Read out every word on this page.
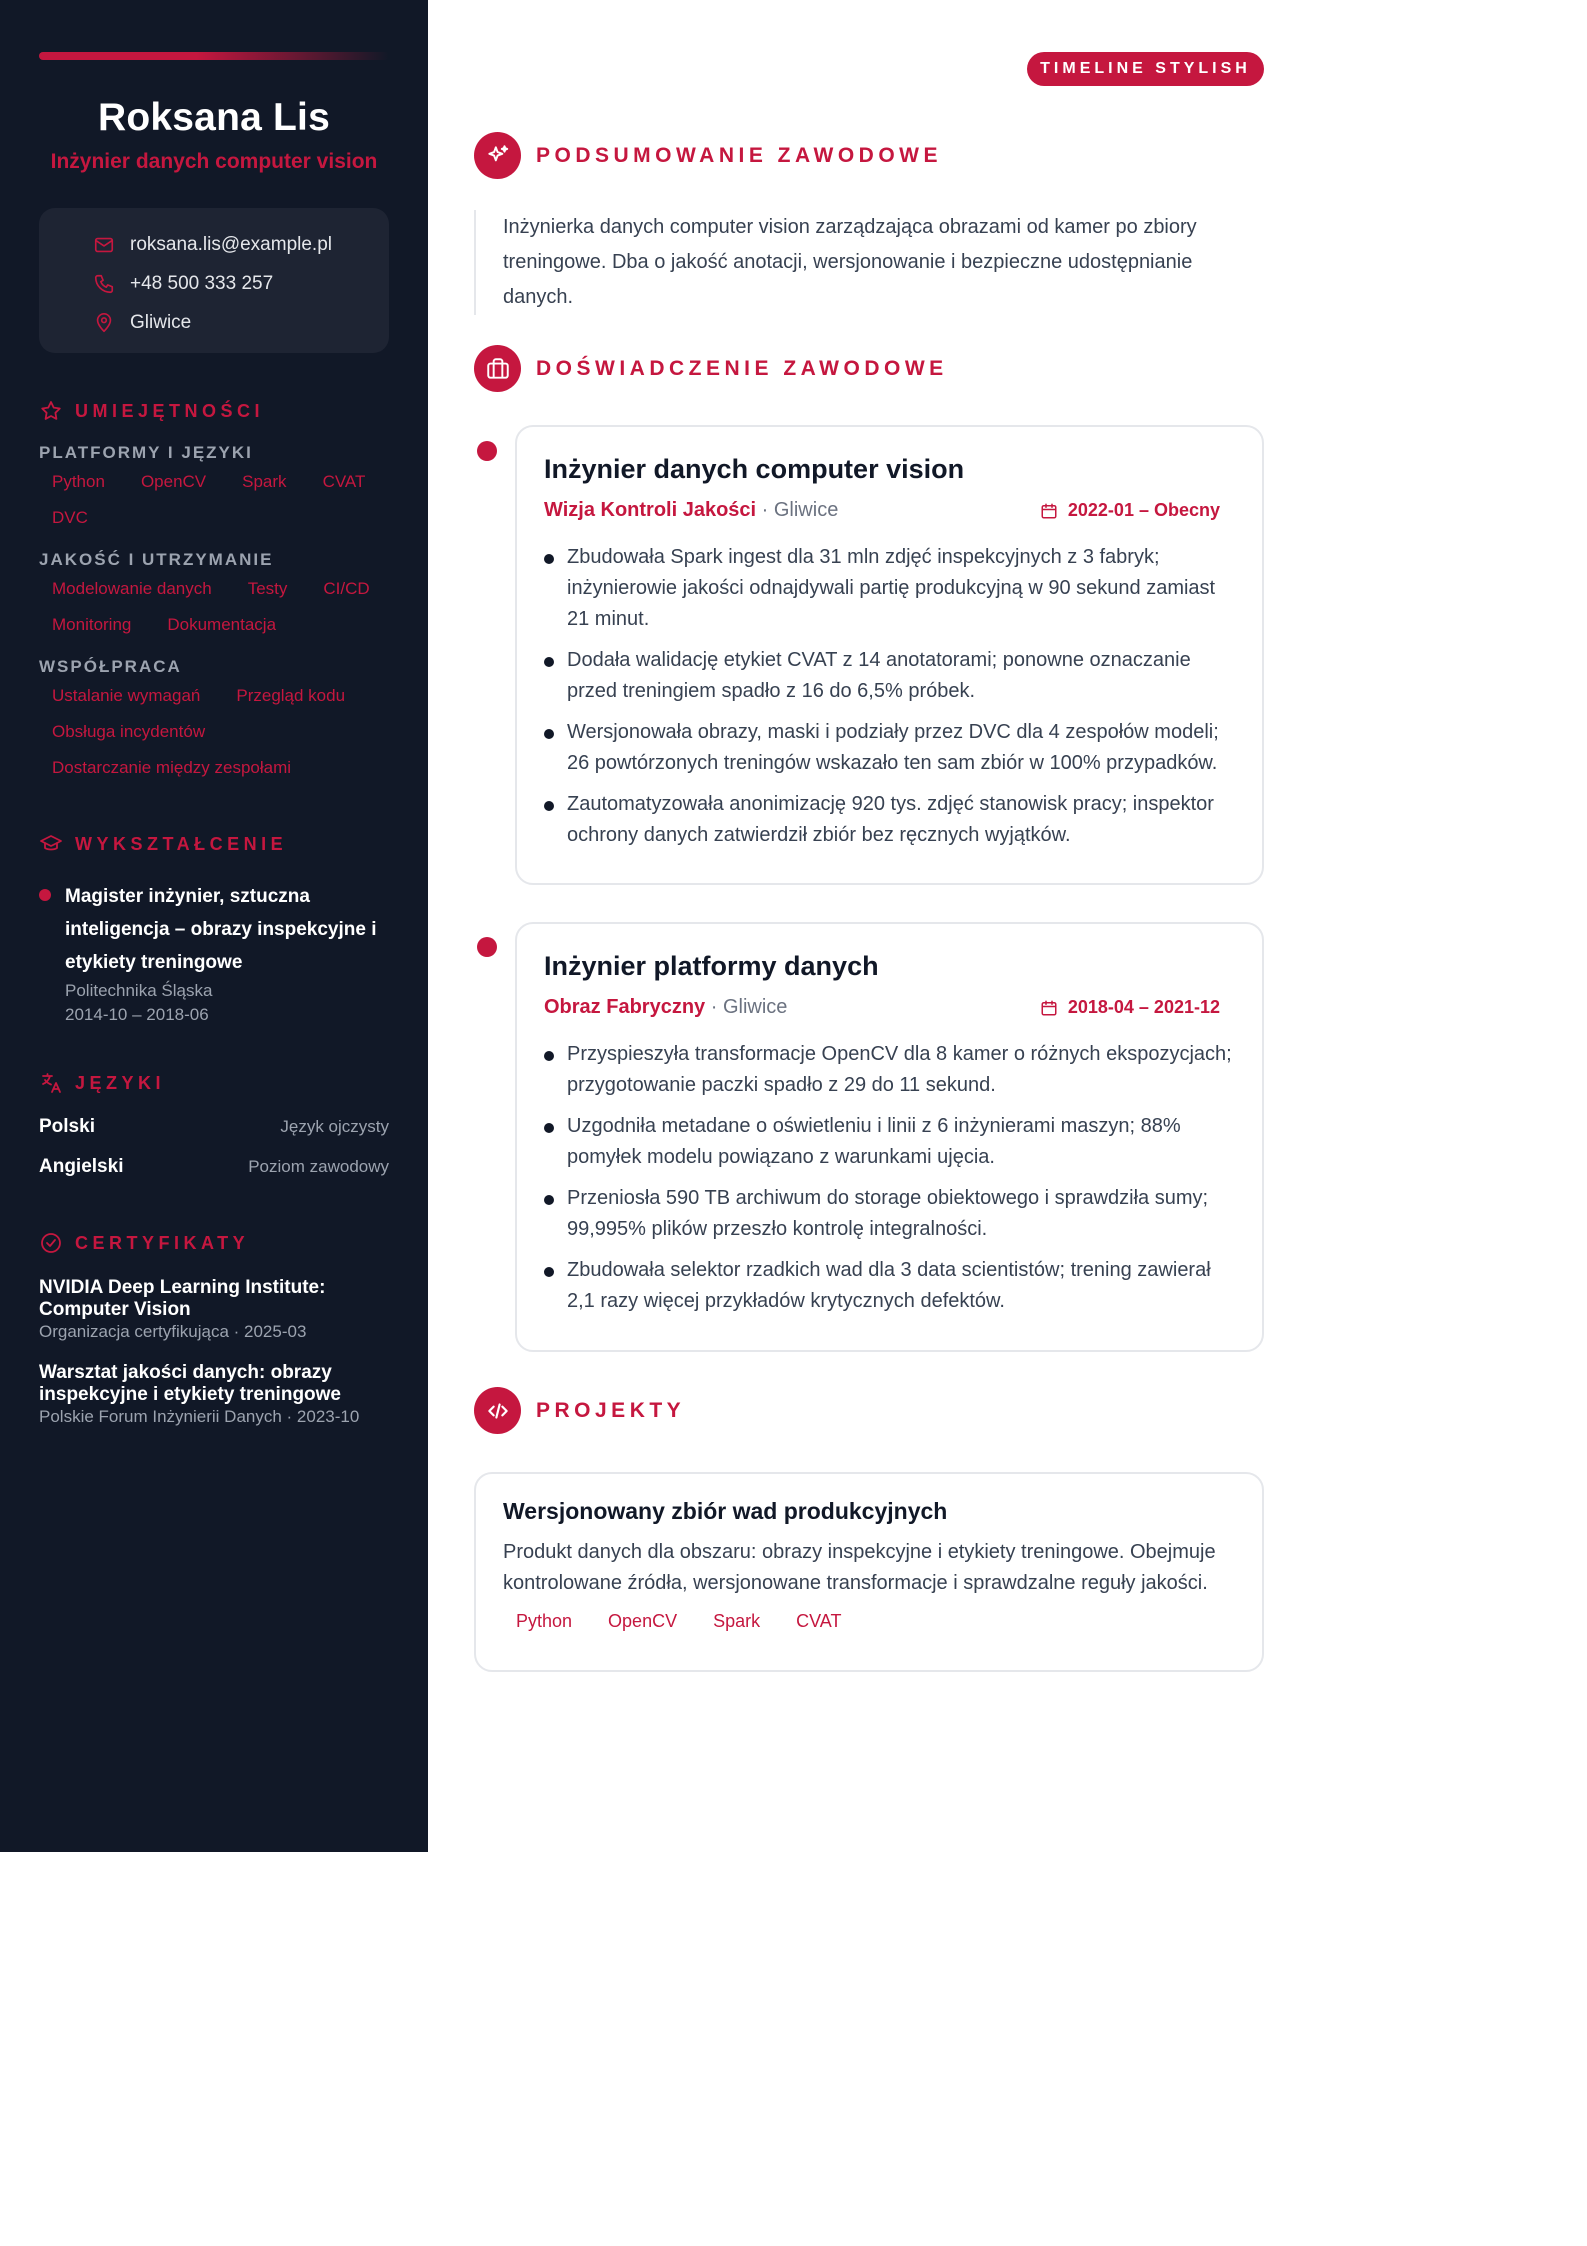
Roksana Lis
Inżynier danych computer vision
roksana.lis@example.pl
+48 500 333 257
Gliwice
UMIEJĘTNOŚCI
PLATFORMY I JĘZYKI
Python OpenCV Spark CVAT
DVC
JAKOŚĆ I UTRZYMANIE
Modelowanie danych Testy CI/CD
Monitoring Dokumentacja
WSPÓŁPRACA
Ustalanie wymagań Przegląd kodu
Obsługa incydentów
Dostarczanie między zespołami
WYKSZTAŁCENIE
Magister inżynier, sztuczna inteligencja – obrazy inspekcyjne i etykiety treningowe
Politechnika Śląska
2014-10 – 2018-06
JĘZYKI
Polski	Język ojczysty
Angielski	Poziom zawodowy
CERTYFIKATY
NVIDIA Deep Learning Institute: Computer Vision
Organizacja certyfikująca · 2025-03
Warsztat jakości danych: obrazy inspekcyjne i etykiety treningowe
Polskie Forum Inżynierii Danych · 2023-10
TIMELINE STYLISH
PODSUMOWANIE ZAWODOWE

Inżynierka danych computer vision zarządzająca obrazami od kamer po zbiory treningowe. Dba o jakość anotacji, wersjonowanie i bezpieczne udostępnianie danych.

DOŚWIADCZENIE ZAWODOWE
Inżynier danych computer vision
Wizja Kontroli Jakości · Gliwice	2022-01 – Obecny
Zbudowała Spark ingest dla 31 mln zdjęć inspekcyjnych z 3 fabryk; inżynierowie jakości odnajdywali partię produkcyjną w 90 sekund zamiast 21 minut.
Dodała walidację etykiet CVAT z 14 anotatorami; ponowne oznaczanie przed treningiem spadło z 16 do 6,5% próbek.
Wersjonowała obrazy, maski i podziały przez DVC dla 4 zespołów modeli; 26 powtórzonych treningów wskazało ten sam zbiór w 100% przypadków.
Zautomatyzowała anonimizację 920 tys. zdjęć stanowisk pracy; inspektor ochrony danych zatwierdził zbiór bez ręcznych wyjątków.
Inżynier platformy danych
Obraz Fabryczny · Gliwice	2018-04 – 2021-12
Przyspieszyła transformacje OpenCV dla 8 kamer o różnych ekspozycjach; przygotowanie paczki spadło z 29 do 11 sekund.
Uzgodniła metadane o oświetleniu i linii z 6 inżynierami maszyn; 88% pomyłek modelu powiązano z warunkami ujęcia.
Przeniosła 590 TB archiwum do storage obiektowego i sprawdziła sumy; 99,995% plików przeszło kontrolę integralności.
Zbudowała selektor rzadkich wad dla 3 data scientistów; trening zawierał 2,1 razy więcej przykładów krytycznych defektów.
PROJEKTY
Wersjonowany zbiór wad produkcyjnych

Produkt danych dla obszaru: obrazy inspekcyjne i etykiety treningowe. Obejmuje kontrolowane źródła, wersjonowane transformacje i sprawdzalne reguły jakości.

Python OpenCV Spark CVAT
